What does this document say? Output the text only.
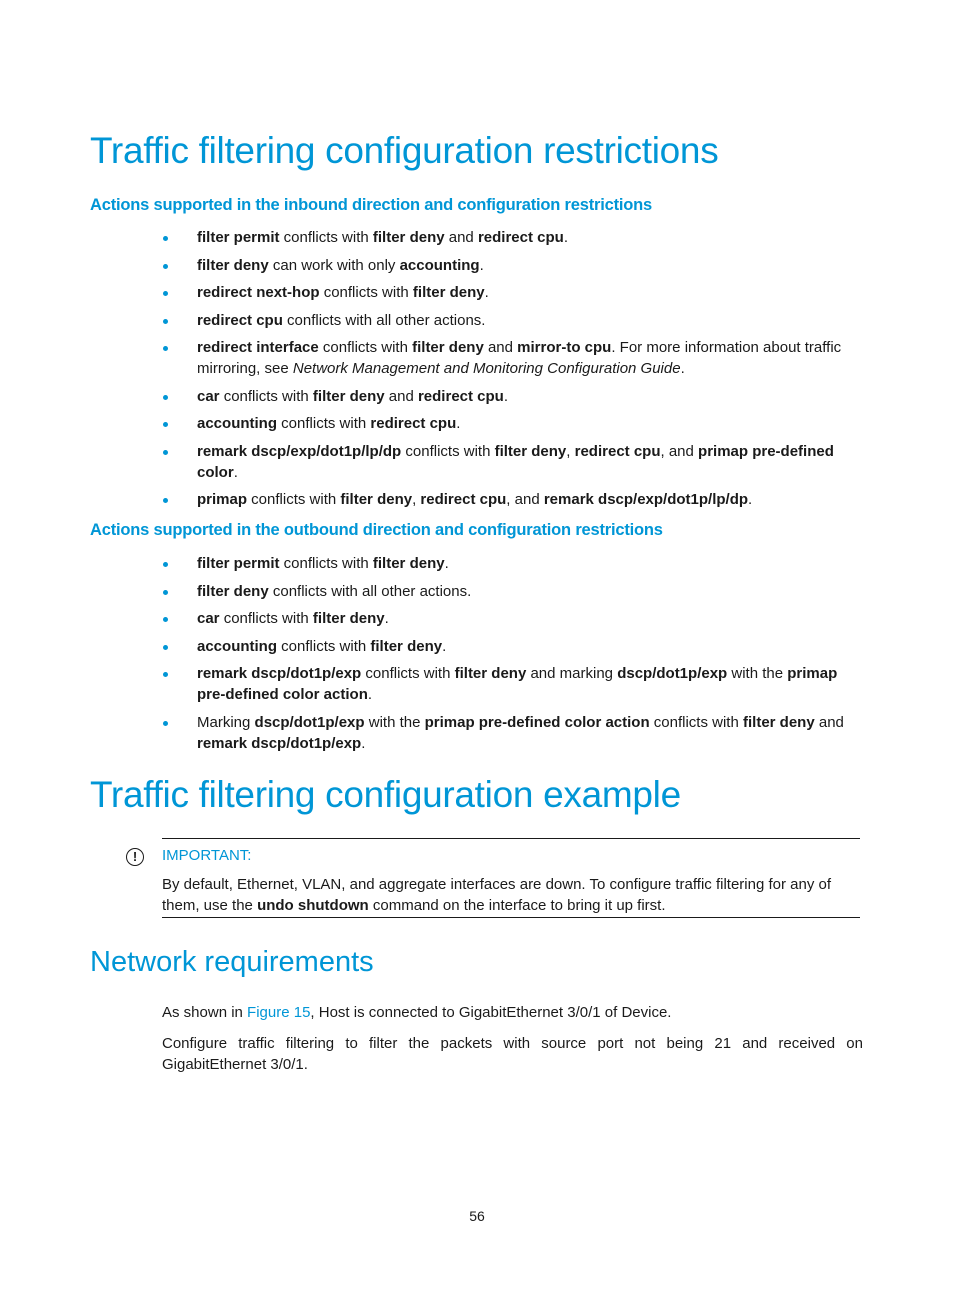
Traffic filtering configuration restrictions
Actions supported in the inbound direction and configuration restrictions
filter permit conflicts with filter deny and redirect cpu.
filter deny can work with only accounting.
redirect next-hop conflicts with filter deny.
redirect cpu conflicts with all other actions.
redirect interface conflicts with filter deny and mirror-to cpu. For more information about traffic mirroring, see Network Management and Monitoring Configuration Guide.
car conflicts with filter deny and redirect cpu.
accounting conflicts with redirect cpu.
remark dscp/exp/dot1p/lp/dp conflicts with filter deny, redirect cpu, and primap pre-defined color.
primap conflicts with filter deny, redirect cpu, and remark dscp/exp/dot1p/lp/dp.
Actions supported in the outbound direction and configuration restrictions
filter permit conflicts with filter deny.
filter deny conflicts with all other actions.
car conflicts with filter deny.
accounting conflicts with filter deny.
remark dscp/dot1p/exp conflicts with filter deny and marking dscp/dot1p/exp with the primap pre-defined color action.
Marking dscp/dot1p/exp with the primap pre-defined color action conflicts with filter deny and remark dscp/dot1p/exp.
Traffic filtering configuration example
!	IMPORTANT:
By default, Ethernet, VLAN, and aggregate interfaces are down. To configure traffic filtering for any of them, use the undo shutdown command on the interface to bring it up first.
Network requirements

As shown in Figure 15, Host is connected to GigabitEthernet 3/0/1 of Device.

Configure traffic filtering to filter the packets with source port not being 21 and received on GigabitEthernet 3/0/1.

56
